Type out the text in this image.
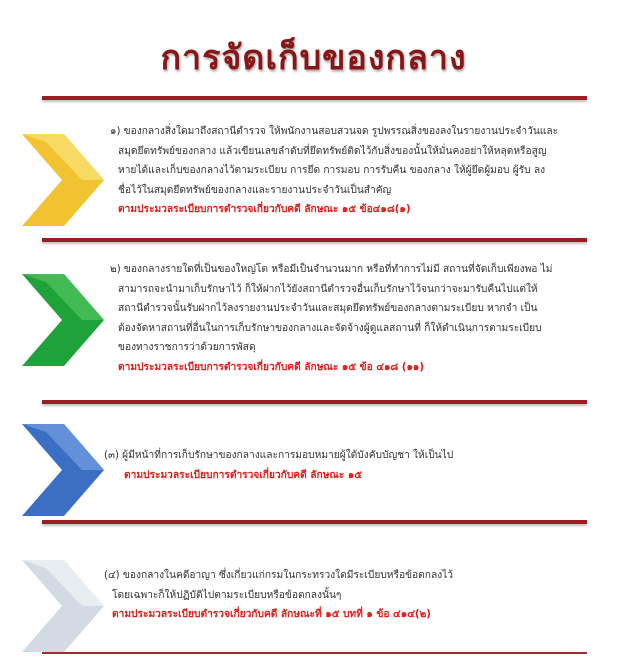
การจัดเก็บของกลาง
๑) ของกลางสิ่งใดมาถึงสถานีตำรวจ ให้พนักงานสอบสวนจด รูปพรรณสิ่งของลงในรายงานประจำวันและ
สมุดยึดทรัพย์ของกลาง แล้วเขียนเลขลำดับที่ยึดทรัพย์ติดไว้กับสิ่งของนั้นให้มั่นคงอย่าให้หลุดหรือสูญ
หายได้และเก็บของกลางไว้ตามระเบียบ การยึด การมอบ การรับคืน ของกลาง ให้ผู้ยึดผู้มอบ ผู้รับ ลง
ชื่อไว้ในสมุดยึดทรัพย์ของกลางและรายงานประจำวันเป็นสำคัญ
ตามประมวลระเบียบการตำรวจเกี่ยวกับคดี ลักษณะ ๑๕ ข้อ๔๑๘(๑)
๒) ของกลางรายใดที่เป็นของใหญ่โต หรือมีเป็นจำนวนมาก หรือที่ทำการไม่มี สถานที่จัดเก็บเพียงพอ ไม่
สามารถจะนำมาเก็บรักษาไว้ ก็ให้ฝากไว้ยังสถานีตำรวจอื่นเก็บรักษาไว้จนกว่าจะมารับคืนไปแต่ให้
สถานีตำรวจนั้นรับฝากไว้ลงรายงานประจำวันและสมุดยึดทรัพย์ของกลางตามระเบียบ หากจำ เป็น
ต้องจัดหาสถานที่อื่นในการเก็บรักษาของกลางและจัดจ้างผู้ดูแลสถานที่ ก็ให้ดำเนินการตามระเบียบ
ของทางราชการว่าด้วยการพัสดุ
ตามประมวลระเบียบการตำรวจเกี่ยวกับคดี ลักษณะ ๑๕ ข้อ ๔๑๘ (๑๑)
(๓) ผู้มีหน้าที่การเก็บรักษาของกลางและการมอบหมายผู้ใต้บังคับบัญชา ให้เป็นไป
ตามประมวลระเบียบการตำรวจเกี่ยวกับคดี ลักษณะ ๑๕
(๔) ของกลางในคดีอาญา ซึ่งเกี่ยวแก่กรมในกระทรวงใดมีระเบียบหรือข้อตกลงไว้
โดยเฉพาะก็ให้ปฏิบัติไปตามระเบียบหรือข้อตกลงนั้นๆ
ตามประมวลระเบียบตำรวจเกี่ยวกับคดี ลักษณะที่ ๑๕ บทที่ ๑ ข้อ ๔๑๔(๒)
